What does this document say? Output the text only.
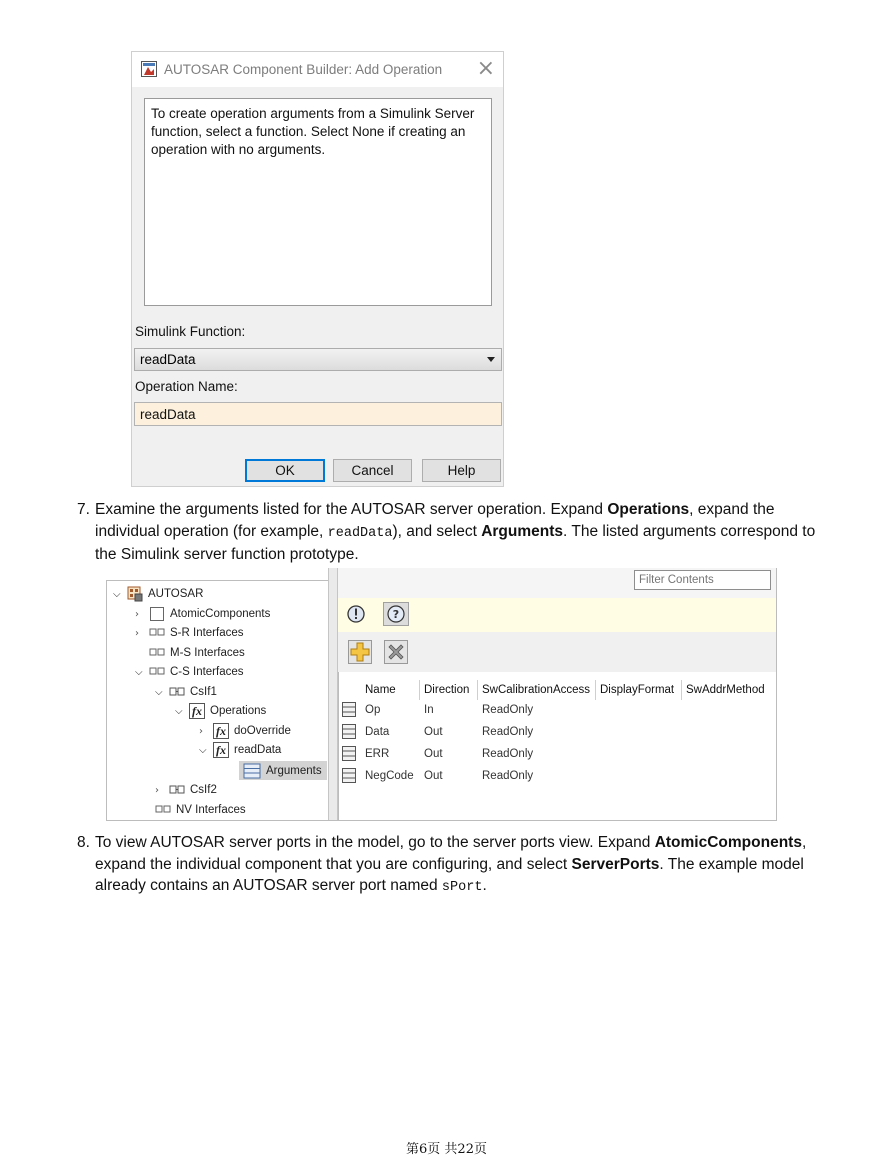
AUTOSAR Component Builder: Add Operation ×
To create operation arguments from a Simulink Server function, select a function. Select None if creating an operation with no arguments.
Simulink Function:
readData
Operation Name:
readData
OK	Cancel	Help
7. Examine the arguments listed for the AUTOSAR server operation. Expand Operations, expand the individual operation (for example, readData), and select Arguments. The listed arguments correspond to the Simulink server function prototype.
⌵	AUTOSAR
›	AtomicComponents
›	S-R Interfaces
M-S Interfaces
⌵	C-S Interfaces
⌵	CsIf1
⌵ fx Operations
›	fx doOverride
⌵ fx readData
Arguments
›	CsIf2
NV Interfaces
Filter Contents
?
Name	Direction	SwCalibrationAccess DisplayFormat	SwAddrMethod
Op	In	ReadOnly
Data	Out	ReadOnly
ERR	Out	ReadOnly
NegCode Out	ReadOnly
8. To view AUTOSAR server ports in the model, go to the server ports view. Expand AtomicComponents, expand the individual component that you are configuring, and select ServerPorts. The example model already contains an AUTOSAR server port named sPort.
第6页 共22页
